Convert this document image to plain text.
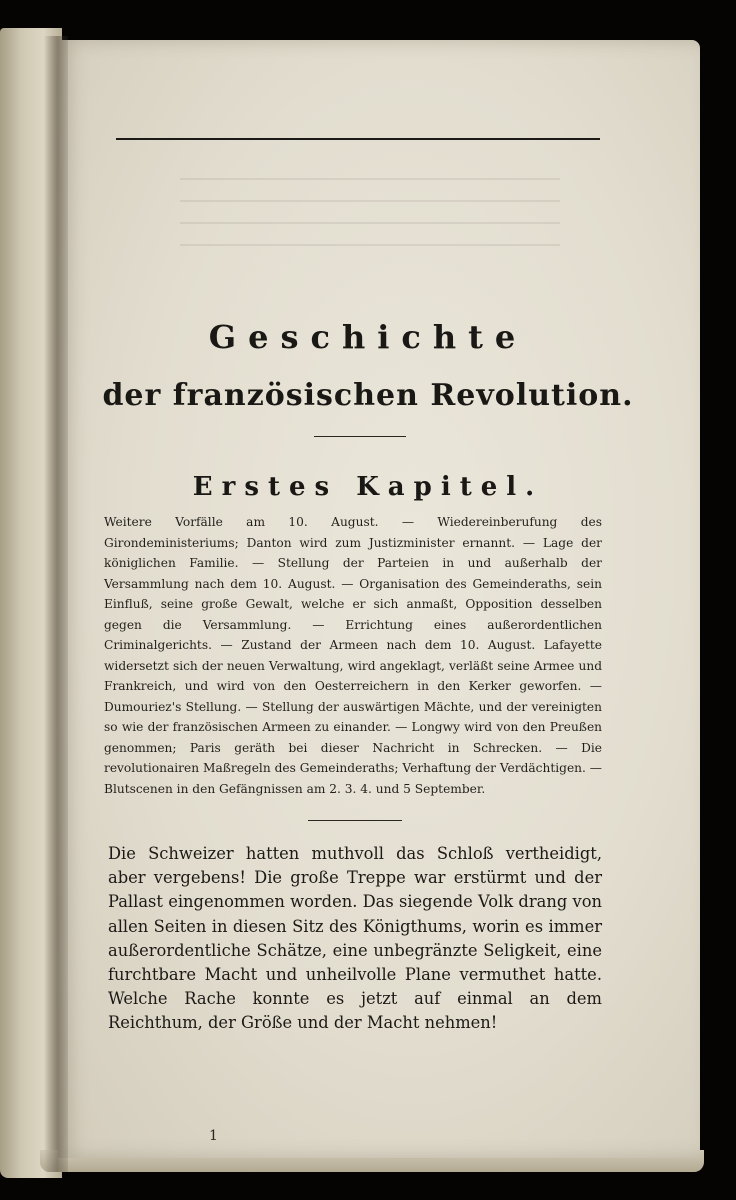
Geschichte
der französischen Revolution.
Erstes Kapitel.

Weitere Vorfälle am 10. August. — Wiedereinberufung des Girondeministeriums; Danton wird zum Justizminister ernannt. — Lage der königlichen Familie. — Stellung der Parteien in und außerhalb der Versammlung nach dem 10. August. — Organisation des Gemeinderaths, sein Einfluß, seine große Gewalt, welche er sich anmaßt, Opposition desselben gegen die Versammlung. — Errichtung eines außerordentlichen Criminalgerichts. — Zustand der Armeen nach dem 10. August. Lafayette widersetzt sich der neuen Verwaltung, wird angeklagt, verläßt seine Armee und Frankreich, und wird von den Oesterreichern in den Kerker geworfen. — Dumouriez's Stellung. — Stellung der auswärtigen Mächte, und der vereinigten so wie der französischen Armeen zu einander. — Longwy wird von den Preußen genommen; Paris geräth bei dieser Nachricht in Schrecken. — Die revolutionairen Maßregeln des Gemeinderaths; Verhaftung der Verdächtigen. — Blutscenen in den Gefängnissen am 2. 3. 4. und 5 September.

Die Schweizer hatten muthvoll das Schloß vertheidigt, aber vergebens! Die große Treppe war erstürmt und der Pallast eingenommen worden. Das siegende Volk drang von allen Seiten in diesen Sitz des Königthums, worin es immer außerordentliche Schätze, eine unbegränzte Seligkeit, eine furchtbare Macht und unheilvolle Plane vermuthet hatte. Welche Rache konnte es jetzt auf einmal an dem Reichthum, der Größe und der Macht nehmen!

1
